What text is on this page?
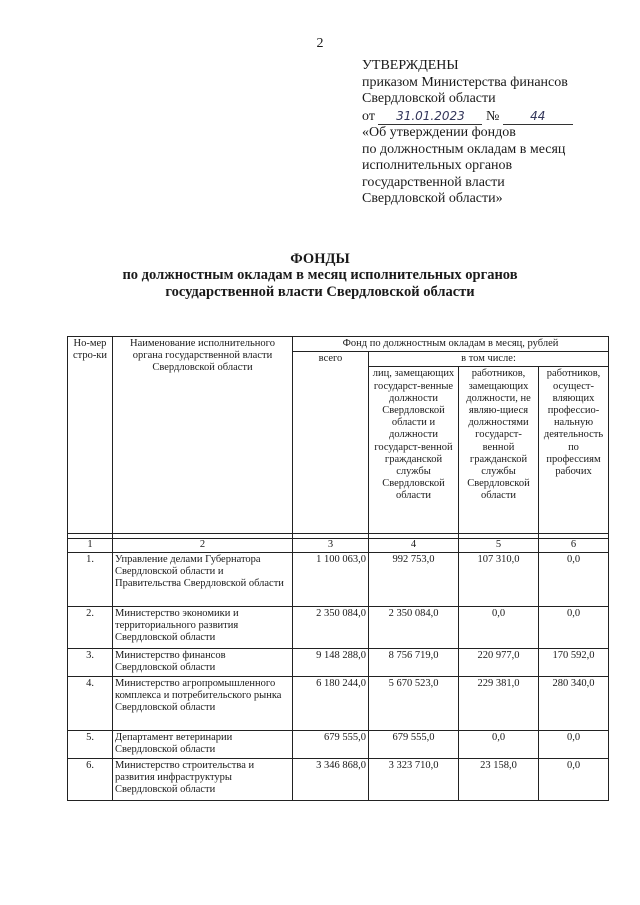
2
УТВЕРЖДЕНЫ
приказом Министерства финансов
Свердловской области
от 31.01.2023 №	44
«Об утверждении фондов
по должностным окладам в месяц
исполнительных органов
государственной власти
Свердловской области»
ФОНДЫ
по должностным окладам в месяц исполнительных органов государственной власти Свердловской области
Но-мер стро-ки	Наименование исполнительного органа государственной власти Свердловской области	Фонд по должностным окладам в месяц, рублей			
		всего	в том числе:		
			лиц, замещающих государст-венные должности Свердловской области и должности государст-венной гражданской службы Свердловской области	работников, замещающих должности, не являю-щиеся должностями государст-венной гражданской службы Свердловской области	работников, осущест-вляющих профессио-нальную деятельность по профессиям рабочих

1	2	3	4	5	6
1.	Управление делами Губернатора Свердловской области и Правительства Свердловской области	1 100 063,0	992 753,0	107 310,0	0,0
2.	Министерство экономики и территориального развития Свердловской области	2 350 084,0	2 350 084,0	0,0	0,0
3.	Министерство финансов Свердловской области	9 148 288,0	8 756 719,0	220 977,0	170 592,0
4.	Министерство агропромышленного комплекса и потребительского рынка Свердловской области	6 180 244,0	5 670 523,0	229 381,0	280 340,0
5.	Департамент ветеринарии Свердловской области	679 555,0	679 555,0	0,0	0,0
6.	Министерство строительства и развития инфраструктуры Свердловской области	3 346 868,0	3 323 710,0	23 158,0	0,0
